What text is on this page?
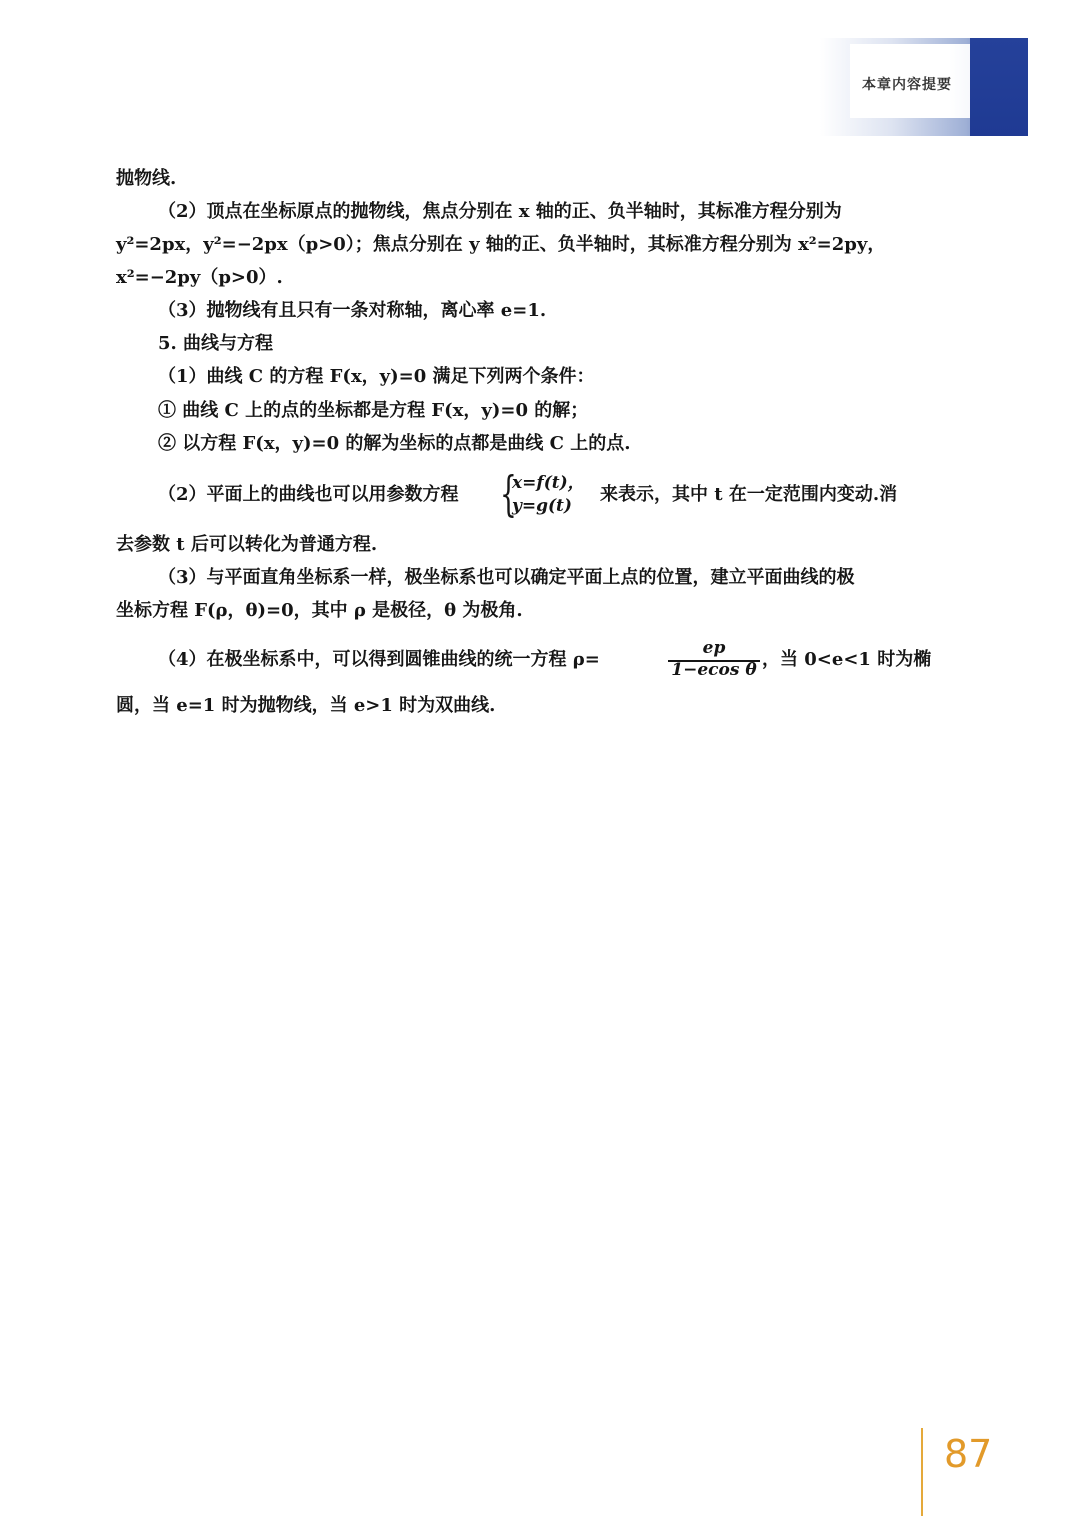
本章内容提要
抛物线.
（2）顶点在坐标原点的抛物线，焦点分别在 x 轴的正、负半轴时，其标准方程分别为
y²=2px，y²=−2px（p>0）；焦点分别在 y 轴的正、负半轴时，其标准方程分别为 x²=2py，
x²=−2py（p>0）.
（3）抛物线有且只有一条对称轴，离心率 e=1.
5. 曲线与方程
（1）曲线 C 的方程 F(x，y)=0 满足下列两个条件：
① 曲线 C 上的点的坐标都是方程 F(x，y)=0 的解；
② 以方程 F(x，y)=0 的解为坐标的点都是曲线 C 上的点.
（2）平面上的曲线也可以用参数方程 {
x=f(t)，
y=g(t)
来表示，其中 t 在一定范围内变动.消
去参数 t 后可以转化为普通方程.
（3）与平面直角坐标系一样，极坐标系也可以确定平面上点的位置，建立平面曲线的极
坐标方程 F(ρ，θ)=0，其中 ρ 是极径，θ 为极角.
（4）在极坐标系中，可以得到圆锥曲线的统一方程 ρ=
ep
1−ecos θ ，当 0<e<1 时为椭
圆，当 e=1 时为抛物线，当 e>1 时为双曲线.
87
